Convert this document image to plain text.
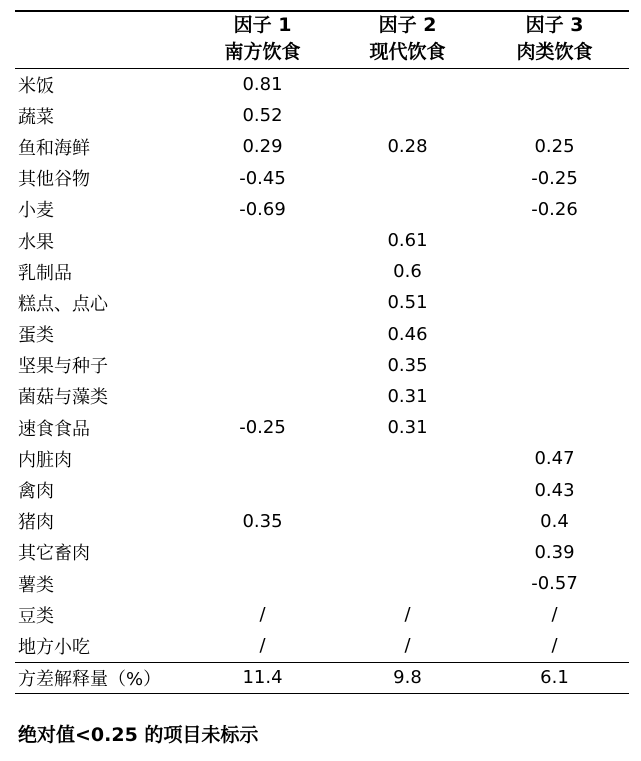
	因子 1	因子 2	因子 3
	南方饮食	现代饮食	肉类饮食
米饭	0.81		
蔬菜	0.52		
鱼和海鲜	0.29	0.28	0.25
其他谷物	-0.45		-0.25
小麦	-0.69		-0.26
水果		0.61	
乳制品		0.6	
糕点、点心		0.51	
蛋类		0.46	
坚果与种子		0.35	
菌菇与藻类		0.31	
速食食品	-0.25	0.31	
内脏肉			0.47
禽肉			0.43
猪肉	0.35		0.4
其它畜肉			0.39
薯类			-0.57
豆类	/	/	/
地方小吃	/	/	/
方差解释量（%）	11.4	9.8	6.1
绝对值<0.25 的项目未标示
